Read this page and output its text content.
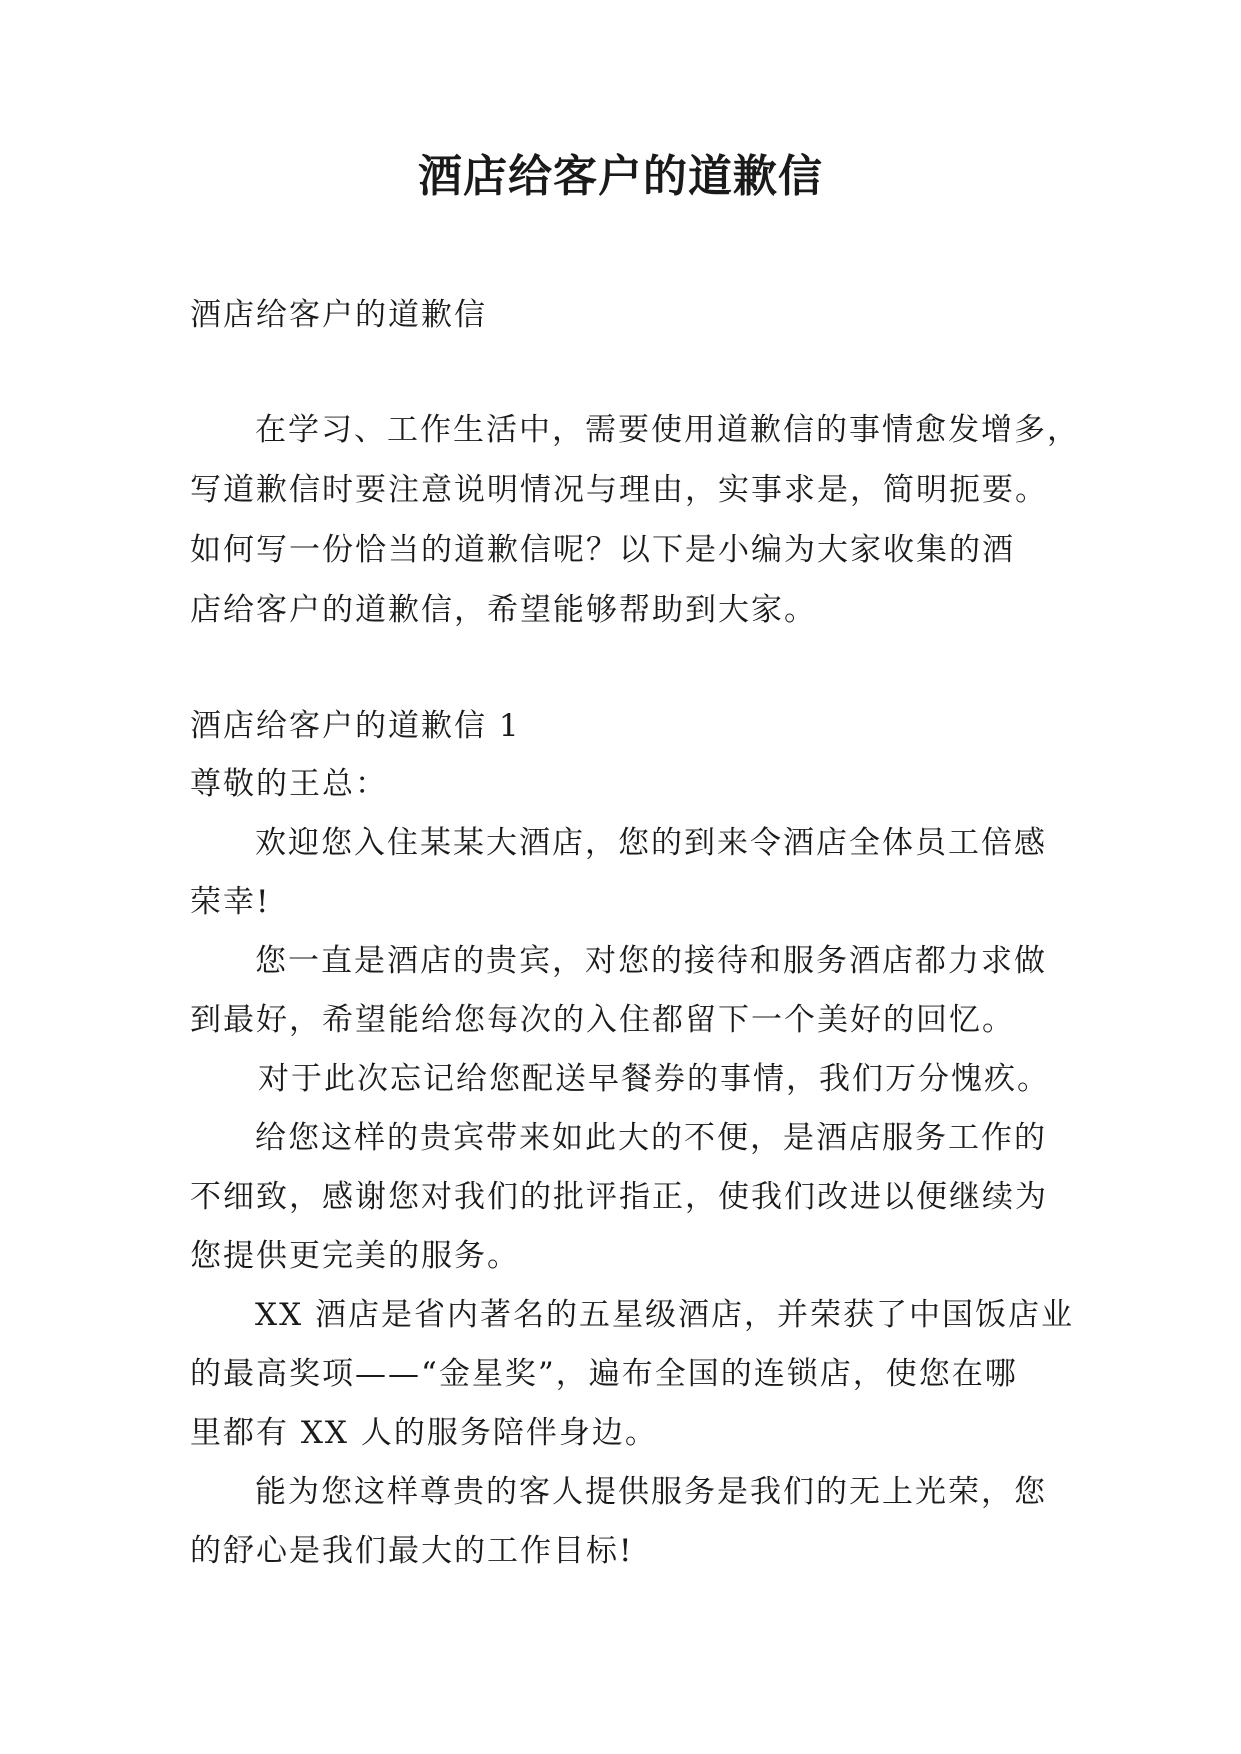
酒店给客户的道歉信

酒店给客户的道歉信

在学习、工作生活中，需要使用道歉信的事情愈发增多，

写道歉信时要注意说明情况与理由，实事求是，简明扼要。

如何写一份恰当的道歉信呢？以下是小编为大家收集的酒

店给客户的道歉信，希望能够帮助到大家。

酒店给客户的道歉信 1

尊敬的王总：

欢迎您入住某某大酒店，您的到来令酒店全体员工倍感

荣幸!

您一直是酒店的贵宾，对您的接待和服务酒店都力求做

到最好，希望能给您每次的入住都留下一个美好的回忆。

对于此次忘记给您配送早餐券的事情，我们万分愧疚。

给您这样的贵宾带来如此大的不便，是酒店服务工作的

不细致，感谢您对我们的批评指正，使我们改进以便继续为

您提供更完美的服务。

XX 酒店是省内著名的五星级酒店，并荣获了中国饭店业

的最高奖项——“金星奖”，遍布全国的连锁店，使您在哪

里都有 XX 人的服务陪伴身边。

能为您这样尊贵的客人提供服务是我们的无上光荣，您

的舒心是我们最大的工作目标!
